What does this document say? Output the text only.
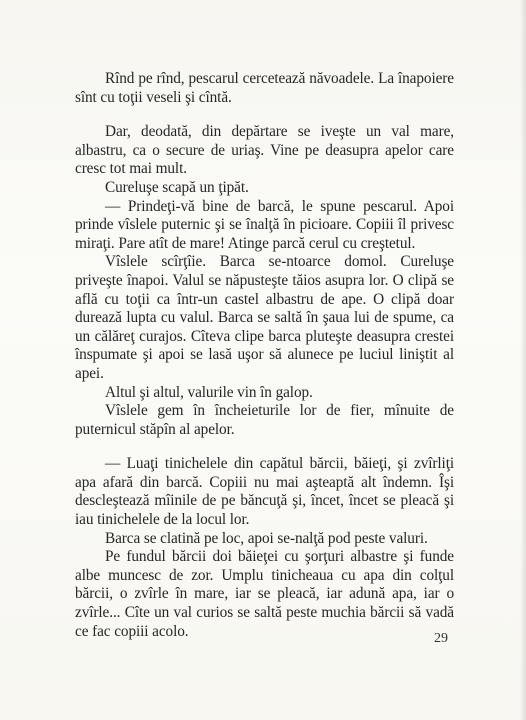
Rînd pe rînd, pescarul cercetează năvoadele. La înapoiere sînt cu toţii veseli şi cîntă.

Dar, deodată, din depărtare se iveşte un val mare, albastru, ca o secure de uriaş. Vine pe deasupra apelor care cresc tot mai mult.

Cureluşe scapă un ţipăt.

— Prindeţi-vă bine de barcă, le spune pescarul. Apoi prinde vîslele puternic şi se înalţă în picioare. Copiii îl privesc miraţi. Pare atît de mare! Atinge parcă cerul cu creştetul.

Vîslele scîrţîie. Barca se-ntoarce domol. Cureluşe priveşte înapoi. Valul se năpusteşte tăios asupra lor. O clipă se află cu toţii ca într-un castel albastru de ape. O clipă doar durează lupta cu valul. Barca se saltă în şaua lui de spume, ca un călăreţ curajos. Cîteva clipe barca pluteşte deasupra crestei înspumate şi apoi se lasă uşor să alunece pe luciul liniştit al apei.

Altul şi altul, valurile vin în galop.

Vîslele gem în încheieturile lor de fier, mînuite de puternicul stăpîn al apelor.

— Luaţi tinichelele din capătul bărcii, băieţi, şi zvîrliţi apa afară din barcă. Copiii nu mai aşteaptă alt îndemn. Îşi descleştează mîinile de pe băncuţă şi, încet, încet se pleacă şi iau tinichelele de la locul lor.

Barca se clatină pe loc, apoi se-nalţă pod peste valuri.

Pe fundul bărcii doi băieţei cu şorţuri albastre şi funde albe muncesc de zor. Umplu tinicheaua cu apa din colţul bărcii, o zvîrle în mare, iar se pleacă, iar adună apa, iar o zvîrle... Cîte un val curios se saltă peste muchia bărcii să vadă ce fac copiii acolo.	29
